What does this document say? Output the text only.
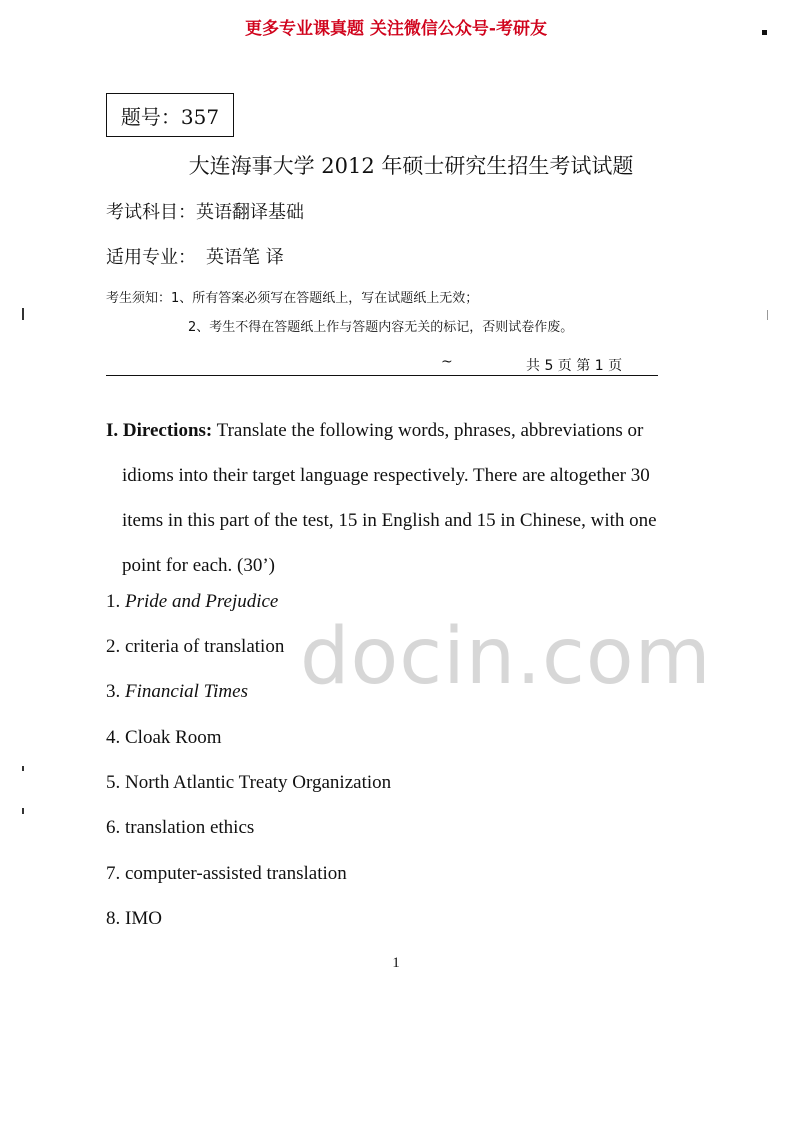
更多专业课真题 关注微信公众号-考研友
题号：357
大连海事大学 2012 年硕士研究生招生考试试题
考试科目：英语翻译基础
适用专业： 英语笔 译
考生须知：1、所有答案必须写在答题纸上，写在试题纸上无效；
2、考生不得在答题纸上作与答题内容无关的标记，否则试卷作废。
~	共 5 页 第 1 页

I. Directions: Translate the following words, phrases, abbreviations or

idioms into their target language respectively. There are altogether 30

items in this part of the test, 15 in English and 15 in Chinese, with one

point for each. (30’)

1. Pride and Prejudice
2. criteria of translation
3. Financial Times
4. Cloak Room
5. North Atlantic Treaty Organization
6. translation ethics
7. computer-assisted translation
8. IMO
docin.com
1
